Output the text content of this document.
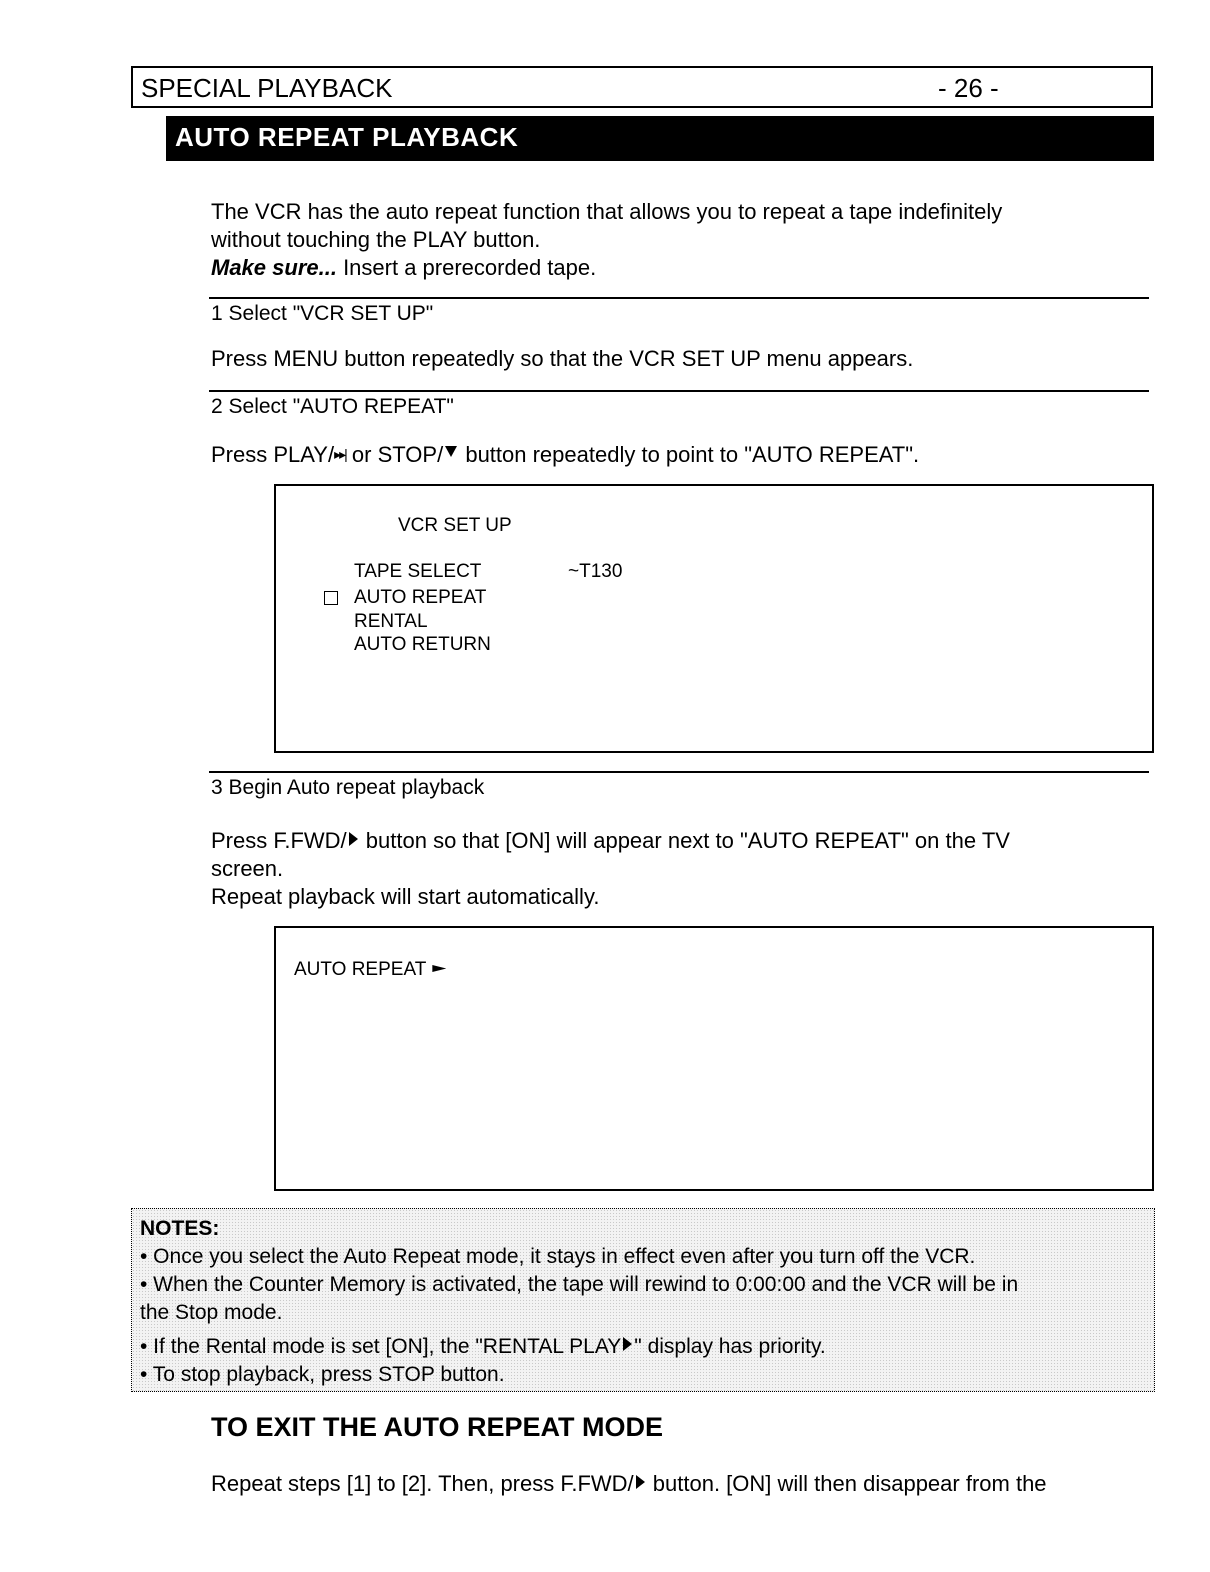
SPECIAL PLAYBACK	- 26 -
AUTO REPEAT PLAYBACK
The VCR has the auto repeat function that allows you to repeat a tape indefinitely
without touching the PLAY button.
Make sure... Insert a prerecorded tape.
1 Select "VCR SET UP"
Press MENU button repeatedly so that the VCR SET UP menu appears.
2 Select "AUTO REPEAT"
Press PLAY/▸▸| or STOP/ button repeatedly to point to "AUTO REPEAT".
VCR SET UP
TAPE SELECT	~T130
AUTO REPEAT
RENTAL
AUTO RETURN
3 Begin Auto repeat playback
Press F.FWD/ button so that [ON] will appear next to "AUTO REPEAT" on the TV
screen.
Repeat playback will start automatically.
AUTO REPEAT
NOTES:
• Once you select the Auto Repeat mode, it stays in effect even after you turn off the VCR.
• When the Counter Memory is activated, the tape will rewind to 0:00:00 and the VCR will be in
the Stop mode.
• If the Rental mode is set [ON], the "RENTAL PLAY " display has priority.
• To stop playback, press STOP button.
TO EXIT THE AUTO REPEAT MODE
Repeat steps [1] to [2]. Then, press F.FWD/ button. [ON] will then disappear from the
